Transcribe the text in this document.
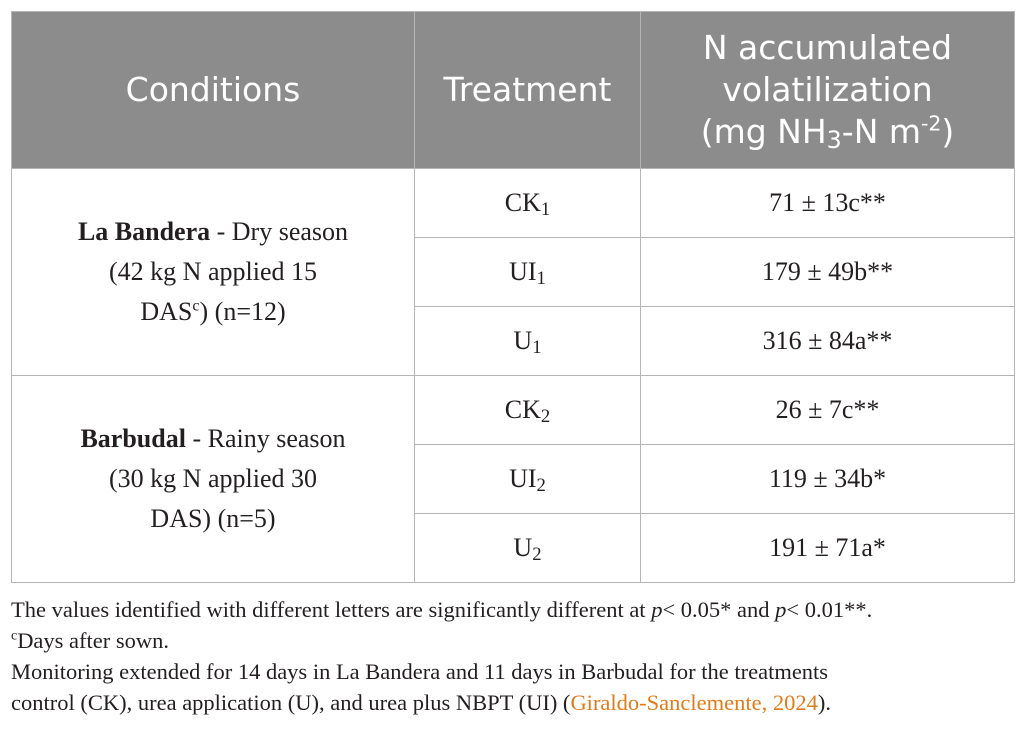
Conditions	Treatment	N accumulated
volatilization
(mg $NH_3-N$ $m^{-2}$)
La Bandera - Dry season
(42 kg N applied 15
DAS$^c$) (n=12)	$CK_1$	71 ± 13c**
	$UI_1$	179 ± 49b**
	$U_1$	316 ± 84a**
Barbudal - Rainy season
(30 kg N applied 30
DAS) (n=5)	$CK_2$	26 ± 7c**
	$UI_2$	119 ± 34b*
	$U_2$	191 ± 71a*

The values identified with different letters are significantly different at p< 0.05* and p< 0.01**.

$^c$Days after sown.

Monitoring extended for 14 days in La Bandera and 11 days in Barbudal for the treatments

control (CK), urea application (U), and urea plus NBPT (UI) (Giraldo-Sanclemente, 2024).
